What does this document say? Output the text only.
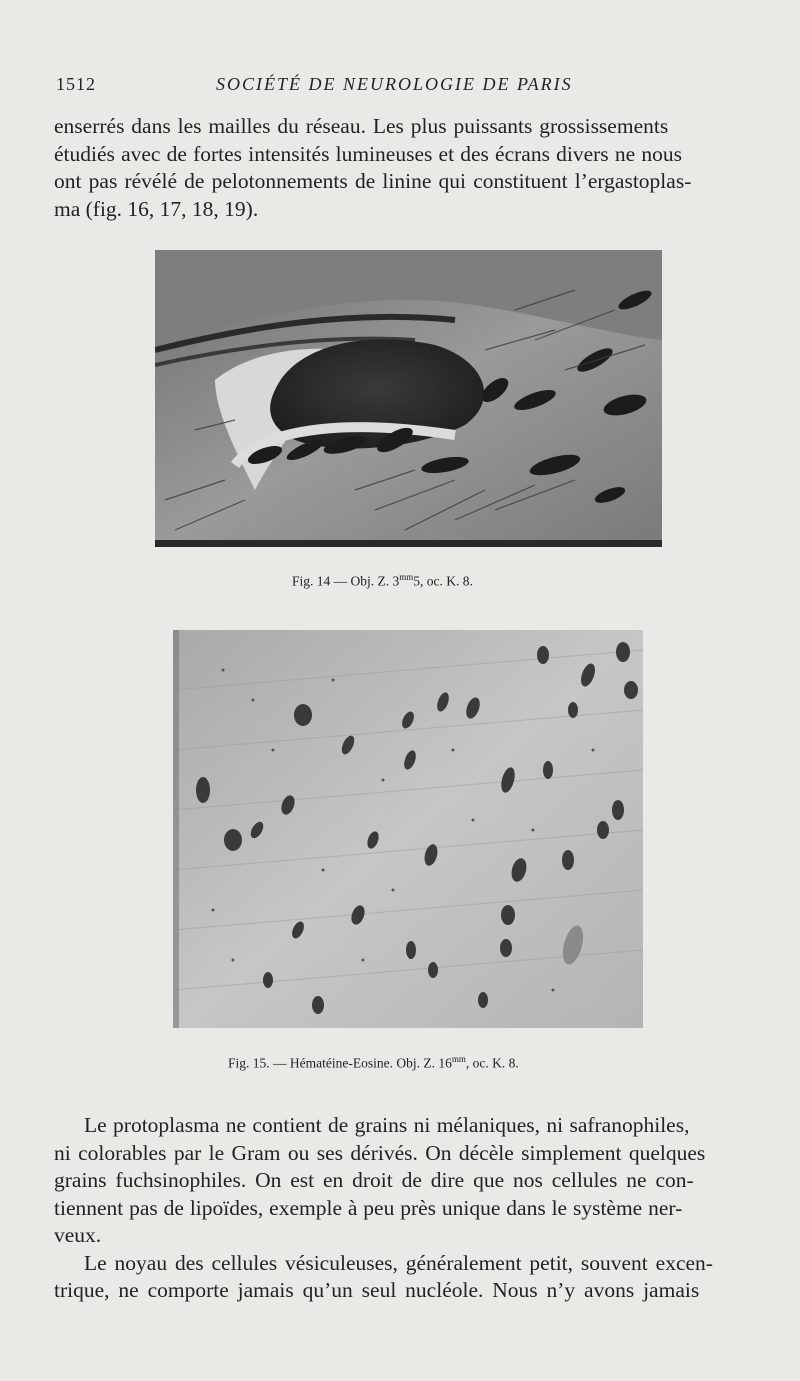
1512	SOCIÉTÉ DE NEUROLOGIE DE PARIS
enserrés dans les mailles du réseau. Les plus puissants grossissements
étudiés avec de fortes intensités lumineuses et des écrans divers ne nous
ont pas révélé de pelotonnements de linine qui constituent l’ergastoplas-
ma (fig. 16, 17, 18, 19).
Fig. 14 — Obj. Z. $3^{mm}5$, oc. K. 8.
Fig. 15. — Hématéine-Eosine. Obj. Z. $16^{mm}$, oc. K. 8.
Le protoplasma ne contient de grains ni mélaniques, ni safranophiles,
ni colorables par le Gram ou ses dérivés. On décèle simplement quelques
grains fuchsinophiles. On est en droit de dire que nos cellules ne con-
tiennent pas de lipoïdes, exemple à peu près unique dans le système ner-
veux.
Le noyau des cellules vésiculeuses, généralement petit, souvent excen-
trique, ne comporte jamais qu’un seul nucléole. Nous n’y avons jamais
